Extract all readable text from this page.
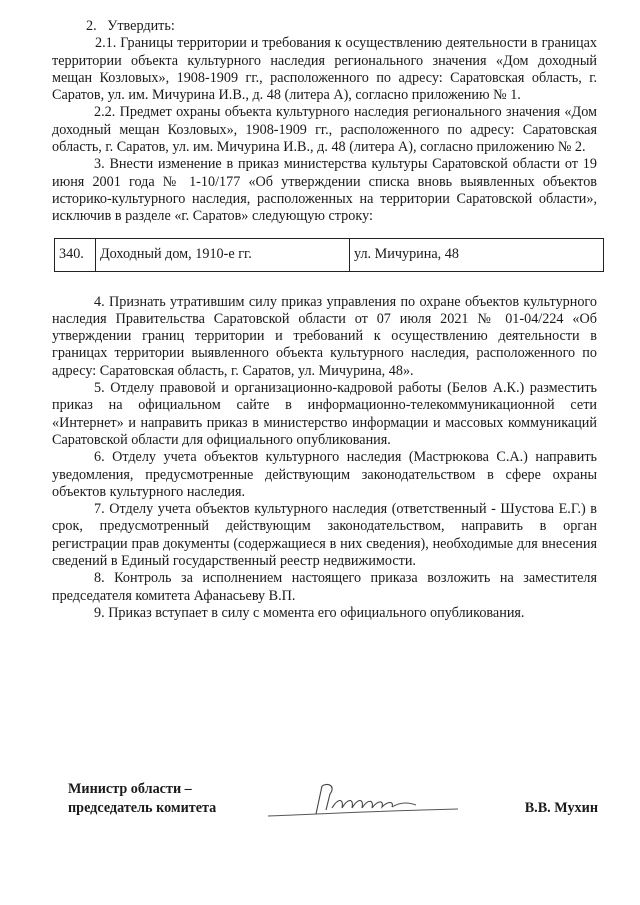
2.   Утвердить:

2.1. Границы территории и требования к осуществлению деятельности в границах территории объекта культурного наследия регионального значения «Дом доходный мещан Козловых», 1908-1909 гг., расположенного по адресу: Саратовская область, г. Саратов, ул. им. Мичурина И.В., д. 48 (литера А), согласно приложению № 1.

2.2. Предмет охраны объекта культурного наследия регионального значения «Дом доходный мещан Козловых», 1908-1909 гг., расположенного по адресу: Саратовская область, г. Саратов, ул. им. Мичурина И.В., д. 48 (литера А), согласно приложению № 2.

3. Внести изменение в приказ министерства культуры Саратовской области от 19 июня 2001 года № 1-10/177 «Об утверждении списка вновь выявленных объектов историко-культурного наследия, расположенных на территории Саратовской области», исключив в разделе «г. Саратов» следующую строку:

340.	Доходный дом, 1910-е гг.	ул. Мичурина, 48

4. Признать утратившим силу приказ управления по охране объектов культурного наследия Правительства Саратовской области от 07 июля 2021 № 01-04/224 «Об утверждении границ территории и требований к осуществлению деятельности в границах территории выявленного объекта культурного наследия, расположенного по адресу: Саратовская область, г. Саратов, ул. Мичурина, 48».

5. Отделу правовой и организационно-кадровой работы (Белов А.К.) разместить приказ на официальном сайте в информационно-телекоммуникационной сети «Интернет» и направить приказ в министерство информации и массовых коммуникаций Саратовской области для официального опубликования.

6. Отделу учета объектов культурного наследия (Мастрюкова С.А.) направить уведомления, предусмотренные действующим законодательством в сфере охраны объектов культурного наследия.

7. Отделу учета объектов культурного наследия (ответственный - Шустова Е.Г.) в срок, предусмотренный действующим законодательством, направить в орган регистрации прав документы (содержащиеся в них сведения), необходимые для внесения сведений в Единый государственный реестр недвижимости.

8. Контроль за исполнением настоящего приказа возложить на заместителя председателя комитета Афанасьеву В.П.

9. Приказ вступает в силу с момента его официального опубликования.

Министр области –
председатель комитета	В.В. Мухин
